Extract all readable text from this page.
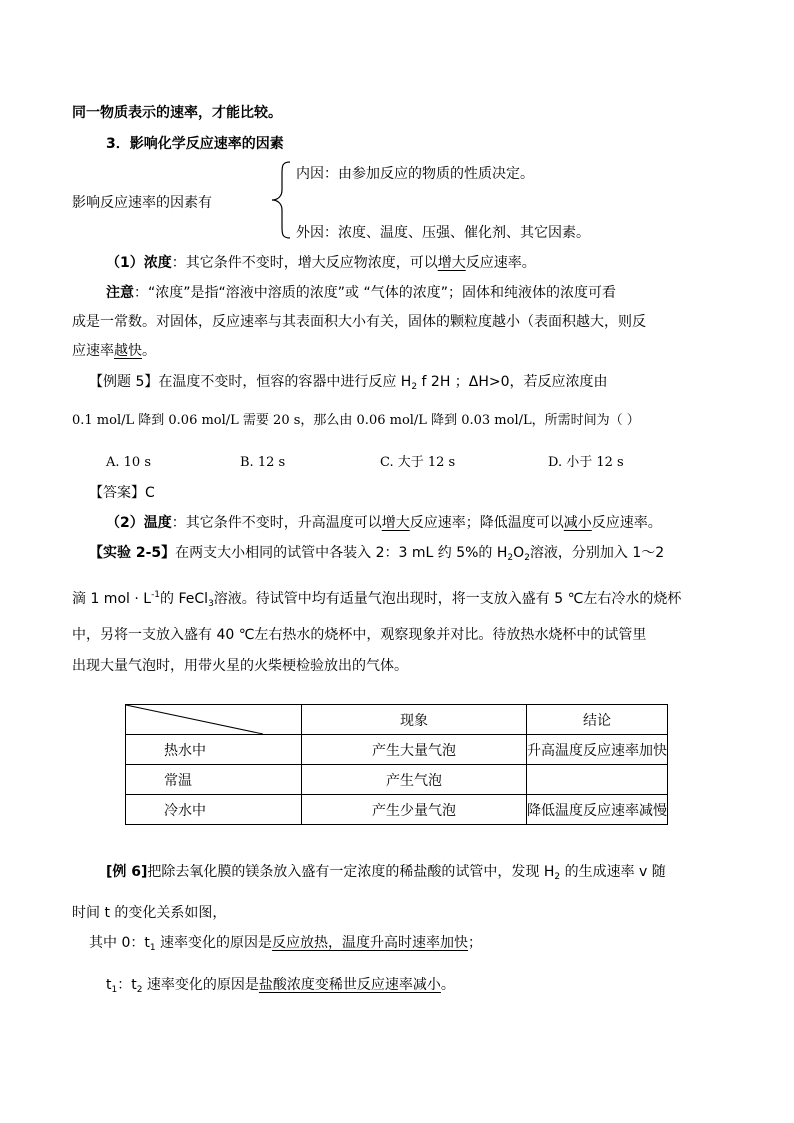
同一物质表示的速率，才能比较。
3．影响化学反应速率的因素
影响反应速率的因素有
内因：由参加反应的物质的性质决定。
外因：浓度、温度、压强、催化剂、其它因素。
（1）浓度：其它条件不变时，增大反应物浓度，可以增大反应速率。
注意：“浓度”是指“溶液中溶质的浓度”或 “气体的浓度”；固体和纯液体的浓度可看
成是一常数。对固体，反应速率与其表面积大小有关，固体的颗粒度越小（表面积越大，则反
应速率越快。
【例题 5】在温度不变时，恒容的容器中进行反应 $H_2$ f 2H ；ΔH>0，若反应浓度由
0.1 mol/L 降到 0.06 mol/L 需要 20 s，那么由 0.06 mol/L 降到 0.03 mol/L，所需时间为（ ）
A. 10 s	B. 12 s	C. 大于 12 s	D. 小于 12 s
【答案】C
（2）温度：其它条件不变时，升高温度可以增大反应速率；降低温度可以减小反应速率。
【实验 2-5】在两支大小相同的试管中各装入 2：3 mL 约 5%的 $H_2O_2$溶液，分别加入 1～2
滴 1 mol · $L^{-1}$的 FeCl$_3$溶液。待试管中均有适量气泡出现时，将一支放入盛有 5 ℃左右冷水的烧杯
中，另将一支放入盛有 40 ℃左右热水的烧杯中，观察现象并对比。待放热水烧杯中的试管里
出现大量气泡时，用带火星的火柴梗检验放出的气体。
	现象	结论
热水中	产生大量气泡	升高温度反应速率加快
常温	产生气泡	
冷水中	产生少量气泡	降低温度反应速率减慢
[例 6]把除去氧化膜的镁条放入盛有一定浓度的稀盐酸的试管中，发现 $H_2$ 的生成速率 v 随
时间 t 的变化关系如图，
其中 0：$t_1$ 速率变化的原因是反应放热，温度升高时速率加快；
$t_1$：$t_2$ 速率变化的原因是盐酸浓度变稀世反应速率减小。
